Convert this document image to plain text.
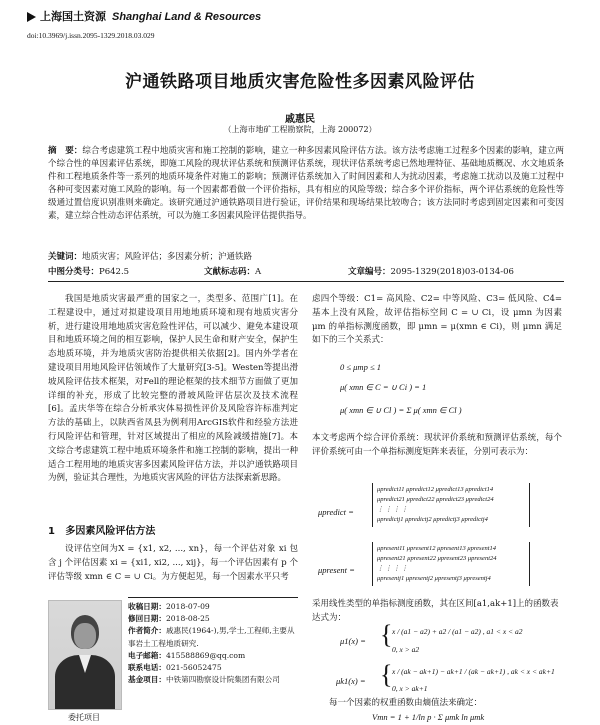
上海国土资源 Shanghai Land & Resources
doi:10.3969/j.issn.2095-1329.2018.03.029
沪通铁路项目地质灾害危险性多因素风险评估
戚惠民
（上海市地矿工程勘察院，上海 200072）
摘　要：综合考虑建筑工程中地质灾害和施工控制的影响，建立一种多因素风险评估方法。该方法考虑施工过程多个因素的影响，建立两个综合性的单因素评估系统，即施工风险的现状评估系统和预测评估系统，现状评估系统考虑已然地理特征、基础地质概况、水文地质条件和工程地质条件等一系列的地质环境条件对施工的影响；预测评估系统加入了时间因素和人为扰动因素，考虑施工扰动以及施工过程中各种可变因素对施工风险的影响。每一个因素都看做一个评价指标，具有相应的风险等级；综合多个评价指标，两个评估系统的危险性等级通过置信度识别准则来确定。该研究通过沪通铁路项目进行验证，评价结果和现场结果比较吻合；该方法同时考虑到固定因素和可变因素，建立综合性动态评估系统，可以为施工多因素风险评估提供指导。
关键词：地质灾害；风险评估；多因素分析；沪通铁路
中图分类号：P642.5	文献标志码：A	文章编号：2095-1329(2018)03-0134-06

我国是地质灾害最严重的国家之一，类型多、范围广[1]。在工程建设中，通过对拟建设项目用地地质环境和现有地质灾害分析，进行建设用地地质灾害危险性评估，可以减少、避免本建设项目和地质环境之间的相互影响，保护人民生命和财产安全，保护生态地质环境，并为地质灾害防治提供相关依据[2]。国内外学者在建设项目用地风险评估领域作了大量研究[3-5]。Westen等提出滑坡风险评估技术框架，对Fell的理论框架的技术细节方面做了更加详细的补充，形成了比较完整的滑坡风险评估层次及技术流程[6]。孟庆华等在综合分析承灾体易损性评价及风险容许标准判定方法的基础上，以陕西省凤县为例利用ArcGIS软件和经验方法进行风险评估和管理，针对区域提出了相应的风险减缓措施[7]。本文综合考虑建筑工程中地质环境条件和施工控制的影响，提出一种适合工程用地的地质灾害多因素风险评估方法，并以沪通铁路项目为例，验证其合理性，为地质灾害风险的评估方法探索新思路。

1 多因素风险评估方法

设评估空间为X = {x1, x2, ..., xn}，每一个评估对象 xi 包含 j 个评估因素 xi = {xi1, xi2, ..., xij}，每一个评估因素有 p 个评估等级 xmn ∈ C = ∪ Ci。为方便起见，每一个因素水平只考

委托项目
收稿日期：2018-07-09
修回日期：2018-08-25
作者简介：戚惠民(1964-),男,学士,工程师,主要从事岩土工程地质研究.
电子邮箱：415588869@qq.com
联系电话：021-56052475
基金项目：中铁第四勘察设计院集团有限公司
虑四个等级：C1= 高风险、C2= 中等风险、C3= 低风险、C4= 基本上没有风险，故评估指标空间 C = ∪ Ci，设 μmn 为因素 μm 的单指标测度函数，即 μmn = μ(xmn ∈ Ci)，则 μmn 满足如下的三个关系式：
0 ≤ μmp ≤ 1
μ( xmn ∈ C = ∪ Ci ) = 1
μ( xmn ∈ ∪ Cl ) = Σ μ( xmn ∈ Cl )
本文考虑两个综合评价系统：现状评价系统和预测评估系统，每个评价系统可由一个单指标测度矩阵来表征，分别可表示为：
μpredict =
μpredict11 μpredict12 μpredict13 μpredict14
μpredict21 μpredict22 μpredict23 μpredict24
⋮ ⋮ ⋮ ⋮
μpredictj1 μpredictj2 μpredictj3 μpredictj4
μpresent =
μpresent11 μpresent12 μpresent13 μpresent14
μpresent21 μpresent22 μpresent23 μpresent24
⋮ ⋮ ⋮ ⋮
μpresentj1 μpresentj2 μpresentj3 μpresentj4
采用线性类型的单指标测度函数，其在区间[a1,ak+1]上的函数表达式为：
μ1(x) = { x / (a1 − a2) + a2 / (a1 − a2) , a1 < x < a2
0, x > a2
μk1(x) = { x / (ak − ak+1) − ak+1 / (ak − ak+1) , ak < x < ak+1
0, x > ak+1
每一个因素的权重函数由熵值法来确定：
Vmn = 1 + 1/ln p · Σ μmk ln μmk
